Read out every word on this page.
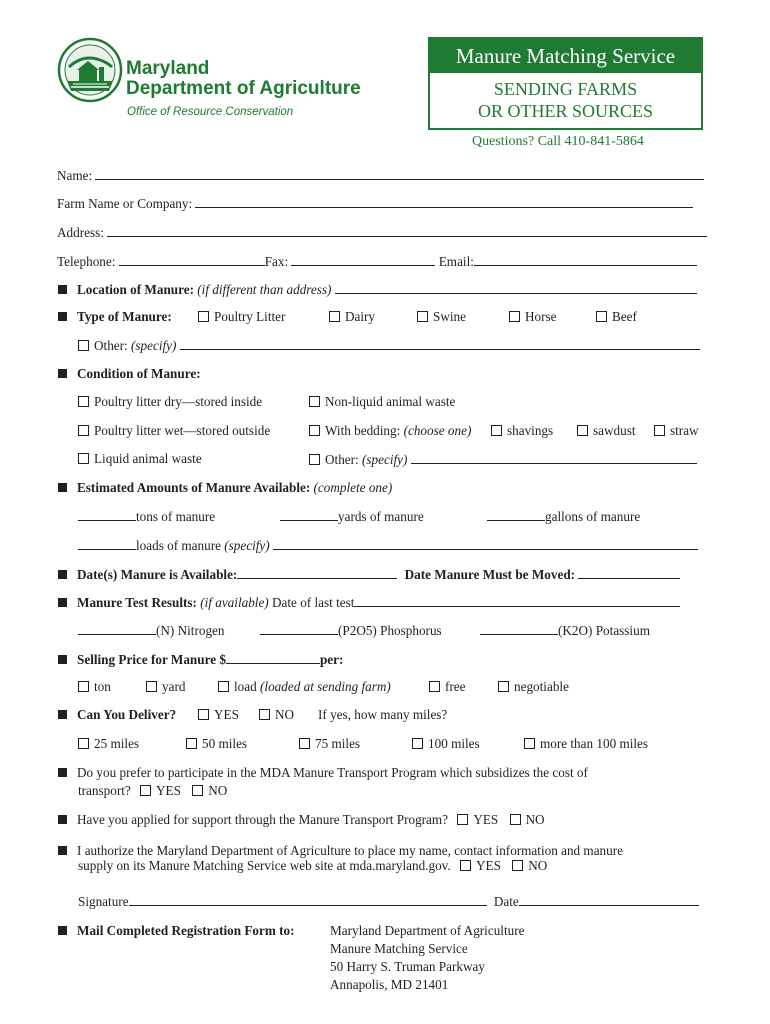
Maryland
Department of Agriculture
Office of Resource Conservation
Manure Matching Service
SENDING FARMS
OR OTHER SOURCES
Questions? Call 410-841-5864
Name:
Farm Name or Company:
Address:
Telephone:	Fax:	Email:
Location of Manure: (if different than address)
Type of Manure:	Poultry Litter	Dairy	Swine	Horse	Beef
Other: (specify)
Condition of Manure:
Poultry litter dry—stored inside	Non-liquid animal waste
Poultry litter wet—stored outside	With bedding: (choose one)	shavings	sawdust	straw
Liquid animal waste	Other: (specify)
Estimated Amounts of Manure Available: (complete one)
tons of manure	yards of manure	gallons of manure
loads of manure (specify)
Date(s) Manure is Available:	Date Manure Must be Moved:
Manure Test Results: (if available) Date of last test
(N) Nitrogen	(P2O5) Phosphorus	(K2O) Potassium
Selling Price for Manure $	per:
ton	yard	load (loaded at sending farm)	free	negotiable
Can You Deliver?	YES	NO If yes, how many miles?
25 miles	50 miles	75 miles	100 miles	more than 100 miles
Do you prefer to participate in the MDA Manure Transport Program which subsidizes the cost of
transport? YES NO
Have you applied for support through the Manure Transport Program? YES NO
I authorize the Maryland Department of Agriculture to place my name, contact information and manure
supply on its Manure Matching Service web site at mda.maryland.gov. YES NO
Signature	Date
Mail Completed Registration Form to:	Maryland Department of Agriculture
Manure Matching Service
50 Harry S. Truman Parkway
Annapolis, MD 21401
